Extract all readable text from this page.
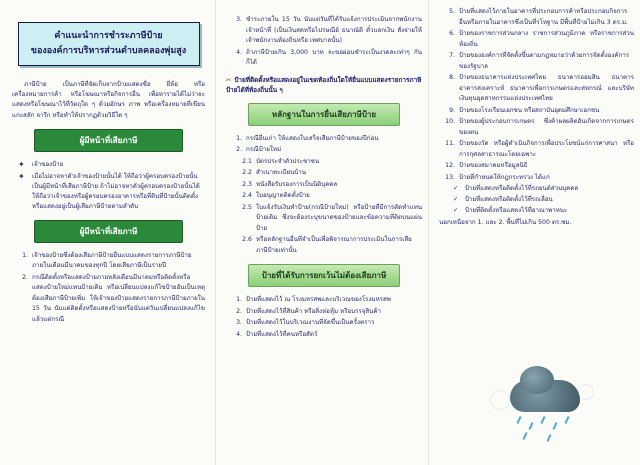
คำแนะนำการชำระภาษีป้าย
ขององค์การบริหารส่วนตำบลคลองพุ่มสูง

ภาษีป้าย เป็นภาษีที่จัดเก็บจากป้ายแสดงชื่อ ยี่ห้อ หรือเครื่องหมายการค้า หรือโฆษณาหรือกิจการอื่น เพื่อหารายได้ไม่ว่าจะแสดงหรือโฆษณาไว้ที่วัตถุใด ๆ ด้วยอักษร ภาพ หรือเครื่องหมายที่เขียน แกะสลัก จารึก หรือทำให้ปรากฏด้วยวิธีใด ๆ

ผู้มีหน้าที่เสียภาษี
✦	เจ้าของป้าย
✦	เมื่อไม่อาจหาตัวเจ้าของป้ายนั้นได้ ให้ถือว่าผู้ครอบครองป้ายนั้นเป็นผู้มีหน้าที่เสียภาษีป้าย ถ้าไม่อาจหาตัวผู้ครอบครองป้ายนั้นได้ให้ถือว่าเจ้าของหรือผู้ครอบครองอาคารหรือที่ดินที่ป้ายนั้นติดตั้งหรือแสดงอยู่เป็นผู้เสียภาษีป้ายตามลำดับ
ผู้มีหน้าที่เสียภาษี
1. เจ้าของป้ายซึ่งต้องเสียภาษีป้ายยื่นแบบแสดงรายการภาษีป้าย ภายในเดือนมีนาคมของทุกปี โดยเสียภาษีเป็นรายปี
2. กรณีติดตั้งหรือแสดงป้ายภายหลังเดือนมีนาคมหรือติดตั้งหรือแสดงป้ายใหม่แทนป้ายเดิม หรือเปลี่ยนแปลงแก้ไขป้ายอันเป็นเหตุต้องเสียภาษีป้ายเพิ่ม ให้เจ้าของป้ายแสดงรายการภาษีป้ายภายใน 15 วัน นับแต่ติดตั้งหรือแสดงป้ายหรือนับแต่วันเปลี่ยนแปลงแก้ไขแล้วแต่กรณี
3. ชำระภายใน 15 วัน นับแต่วันที่ได้รับแจ้งการประเมินจากพนักงานเจ้าหน้าที่ (เป็นเงินสดหรือไปรษณีย์ ธนาณัติ ตั๋วแลกเงิน สั่งจ่ายให้เจ้าพนักงานท้องถิ่นหรือ เทศบาลนั้น)
4. ถ้าภาษีป้ายเกิน 3,000 บาท จะขอผ่อนชำระเป็นงวดละเท่าๆ กันก็ได้
✂ ป้ายที่ติดตั้งหรือแสดงอยู่ในเขตท้องถิ่นใดให้ยื่นแบบแสดงรายการภาษีป้ายได้ที่ท้องถิ่นนั้น ๆ
หลักฐานในการยื่นเสียภาษีป้าย
1. กรณียื่นเก่า ให้แสดงใบเสร็จเสียภาษีป้ายของปีก่อน
2. กรณีป้ายใหม่
2.1 บัตรประจำตัวประชาชน
2.2 สำเนาทะเบียนบ้าน
2.3 หนังสือรับรองการเป็นนิติบุคคล
2.4 ใบอนุญาตติดตั้งป้าย
2.5 ใบแจ้งรับเงินทำป้าย(กรณีป้ายใหม่) หรือป้ายที่มีการตัดทำแทนป้ายเดิม ซึ่งจะต้องระบุขนาดของป้ายและข้อความที่ติดบนแผ่นป้าย
2.6 หรือหลักฐานอื่นที่จำเป็นเพื่อพิจารณาการประเมินในการเสียภาษีป้ายเท่านั้น
ป้ายที่ได้รับการยกเว้นไม่ต้องเสียภาษี
1. ป้ายที่แสดงไว้ ณ โรงมหรสพและบริเวณของโรงมหรสพ
2. ป้ายที่แสดงไว้ที่สินค้า หรือสิ่งห่อหุ้ม หรือบรรจุสินค้า
3. ป้ายที่แสดงไว้ในบริเวณงานที่จัดขึ้นเป็นครั้งคราว
4. ป้ายที่แสดงไว้ที่คนหรือสัตว์
5. ป้ายที่แสดงไว้ภายในอาคารที่ประกอบการค้าหรือประกอบกิจการอื่นหรือภายในอาคารซึ่งเป็นที่รโหฐาน มีพื้นที่ป้ายไม่เกิน 3 ตร.ม.
6. ป้ายของราชการส่วนกลาง ราชการส่วนภูมิภาค หรือราชการส่วนท้องถิ่น
7. ป้ายขององค์การที่จัดตั้งขึ้นตามกฎหมายว่าด้วยการจัดตั้งองค์การของรัฐบาล
8. ป้ายของธนาคารแห่งประเทศไทย ธนาคารออมสิน ธนาคารอาคารสงเคราะห์ ธนาคารเพื่อการเกษตรและสหกรณ์ และบริษัทเงินทุนอุตสาหกรรมแห่งประเทศไทย
9. ป้ายของโรงเรียนเอกชน หรือสถาบันอุดมศึกษาเอกชน
10. ป้ายของผู้ประกอบการเกษตร ซึ่งค้าผลผลิตอันเกิดจากการเกษตรของตน
11. ป้ายของวัด หรือผู้ดำเนินกิจการเพื่อประโยชน์แก่การศาสนา หรือการกุศลสาธารณะโดยเฉพาะ
12. ป้ายของสมาคมหรือมูลนิธิ
13. ป้ายที่กำหนดให้กฎกระทรวง ได้แก่
✓	ป้ายที่แสดงหรือติดตั้งไว้ที่รถยนต์ส่วนบุคคล
✓	ป้ายที่แสดงหรือติดตั้งไว้ที่รถเลื่อน
✓	ป้ายที่ติดตั้งหรือแสดงไว้ที่อาณาพาหนะ
นอกเหนือจาก 1. และ 2. พื้นที่ไม่เกิน 500 ตร.ซม.
